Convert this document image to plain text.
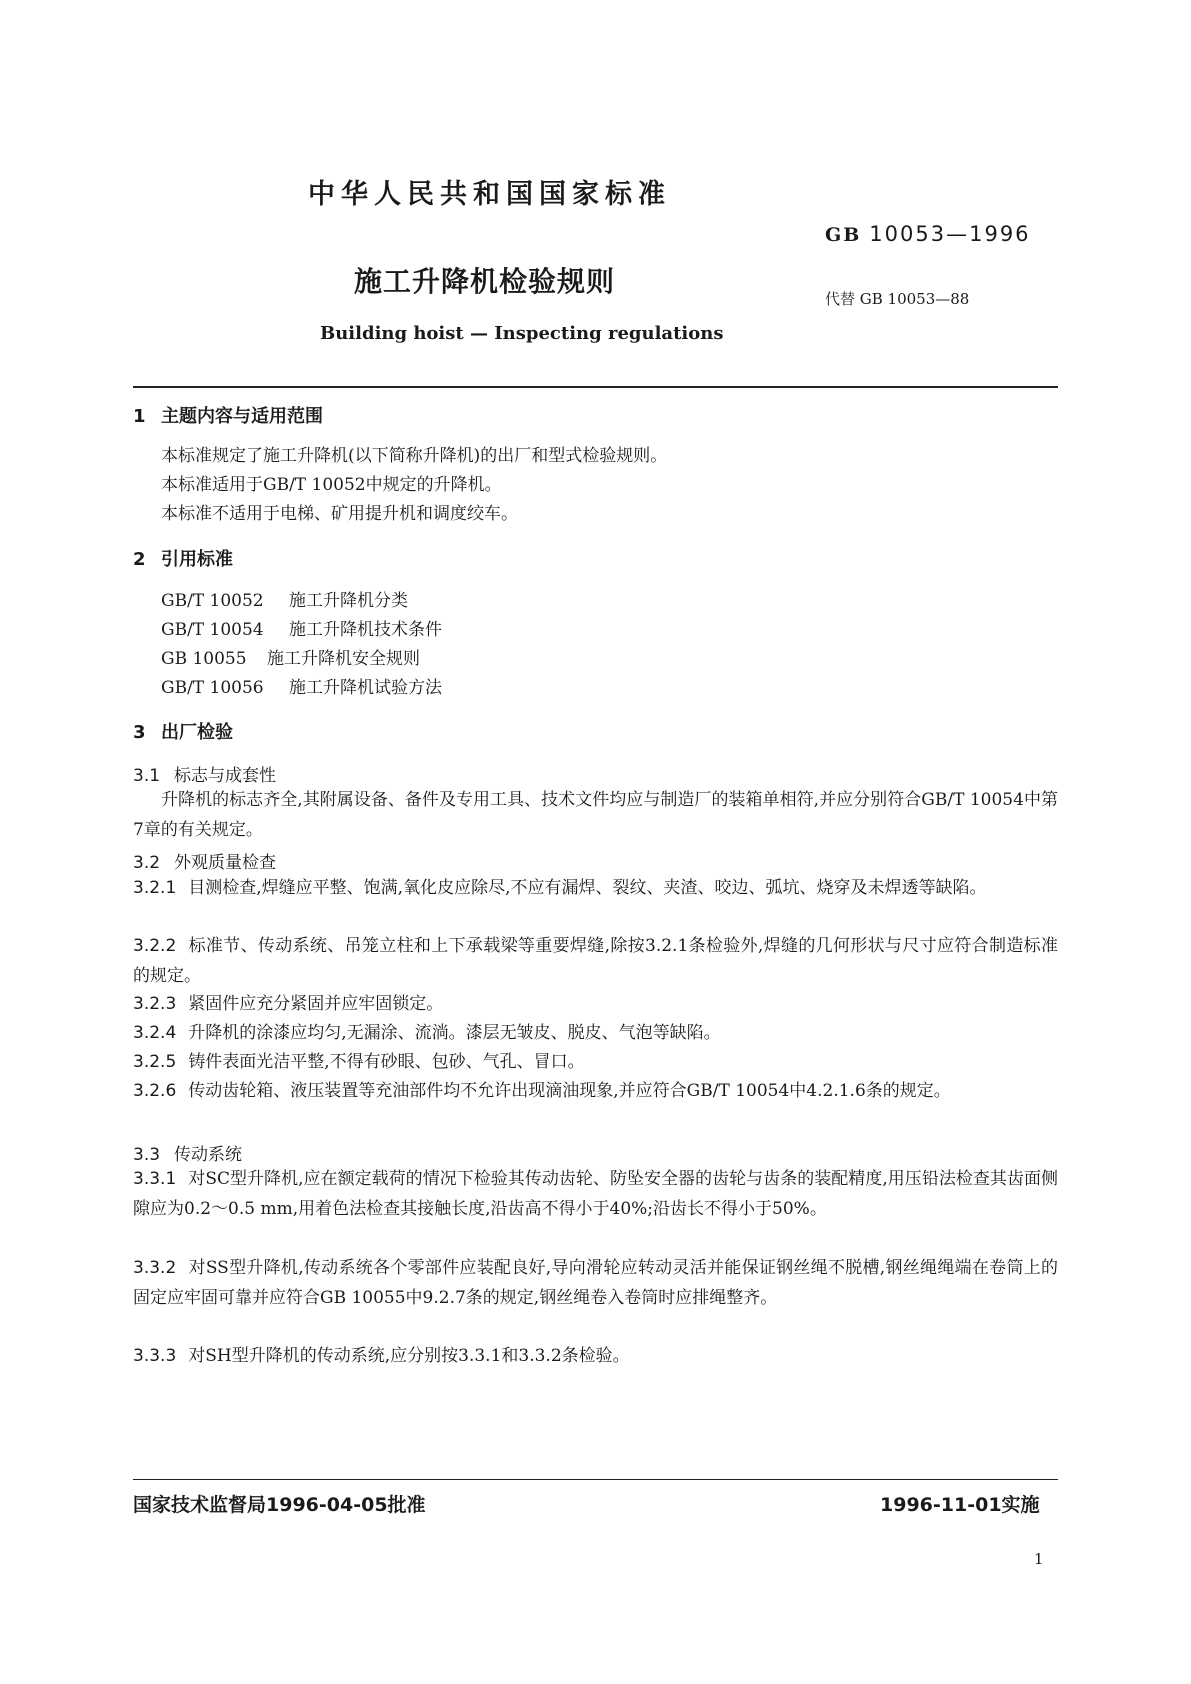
中华人民共和国国家标准
GB 10053—1996
施工升降机检验规则
代替 GB 10053—88
Building hoist — Inspecting regulations
1 主题内容与适用范围
本标准规定了施工升降机(以下简称升降机)的出厂和型式检验规则。
本标准适用于GB/T 10052中规定的升降机。
本标准不适用于电梯、矿用提升机和调度绞车。
2 引用标准
GB/T 10052 施工升降机分类
GB/T 10054 施工升降机技术条件
GB 10055 施工升降机安全规则
GB/T 10056 施工升降机试验方法
3 出厂检验
3.1 标志与成套性
升降机的标志齐全,其附属设备、备件及专用工具、技术文件均应与制造厂的装箱单相符,并应分别符合GB/T 10054中第7章的有关规定。
3.2 外观质量检查
3.2.1 目测检查,焊缝应平整、饱满,氧化皮应除尽,不应有漏焊、裂纹、夹渣、咬边、弧坑、烧穿及未焊透等缺陷。
3.2.2 标准节、传动系统、吊笼立柱和上下承载梁等重要焊缝,除按3.2.1条检验外,焊缝的几何形状与尺寸应符合制造标准的规定。
3.2.3 紧固件应充分紧固并应牢固锁定。
3.2.4 升降机的涂漆应均匀,无漏涂、流淌。漆层无皱皮、脱皮、气泡等缺陷。
3.2.5 铸件表面光洁平整,不得有砂眼、包砂、气孔、冒口。
3.2.6 传动齿轮箱、液压装置等充油部件均不允许出现滴油现象,并应符合GB/T 10054中4.2.1.6条的规定。
3.3 传动系统
3.3.1 对SC型升降机,应在额定载荷的情况下检验其传动齿轮、防坠安全器的齿轮与齿条的装配精度,用压铅法检查其齿面侧隙应为0.2～0.5 mm,用着色法检查其接触长度,沿齿高不得小于40%;沿齿长不得小于50%。
3.3.2 对SS型升降机,传动系统各个零部件应装配良好,导向滑轮应转动灵活并能保证钢丝绳不脱槽,钢丝绳绳端在卷筒上的固定应牢固可靠并应符合GB 10055中9.2.7条的规定,钢丝绳卷入卷筒时应排绳整齐。
3.3.3 对SH型升降机的传动系统,应分别按3.3.1和3.3.2条检验。
国家技术监督局1996-04-05批准	1996-11-01实施
1
